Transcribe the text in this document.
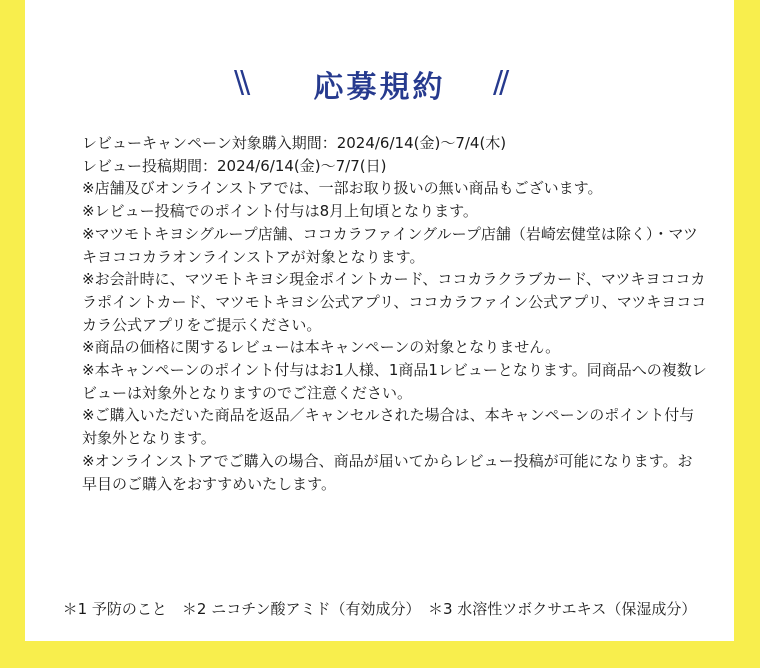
\\	応募規約	//

レビューキャンペーン対象購入期間：2024/6/14(金)〜7/4(木)

レビュー投稿期間：2024/6/14(金)〜7/7(日)

※店舗及びオンラインストアでは、一部お取り扱いの無い商品もございます。

※レビュー投稿でのポイント付与は8月上旬頃となります。

※マツモトキヨシグループ店舗、ココカラファイングループ店舗（岩崎宏健堂は除く）・マツキヨココカラオンラインストアが対象となります。

※お会計時に、マツモトキヨシ現金ポイントカード、ココカラクラブカード、マツキヨココカラポイントカード、マツモトキヨシ公式アプリ、ココカラファイン公式アプリ、マツキヨココカラ公式アプリをご提示ください。

※商品の価格に関するレビューは本キャンペーンの対象となりません。

※本キャンペーンのポイント付与はお1人様、1商品1レビューとなります。同商品への複数レビューは対象外となりますのでご注意ください。

※ご購入いただいた商品を返品／キャンセルされた場合は、本キャンペーンのポイント付与対象外となります。

※オンラインストアでご購入の場合、商品が届いてからレビュー投稿が可能になります。お早目のご購入をおすすめいたします。

＊1 予防のこと　＊2 ニコチン酸アミド（有効成分）　＊3 水溶性ツボクサエキス（保湿成分）
